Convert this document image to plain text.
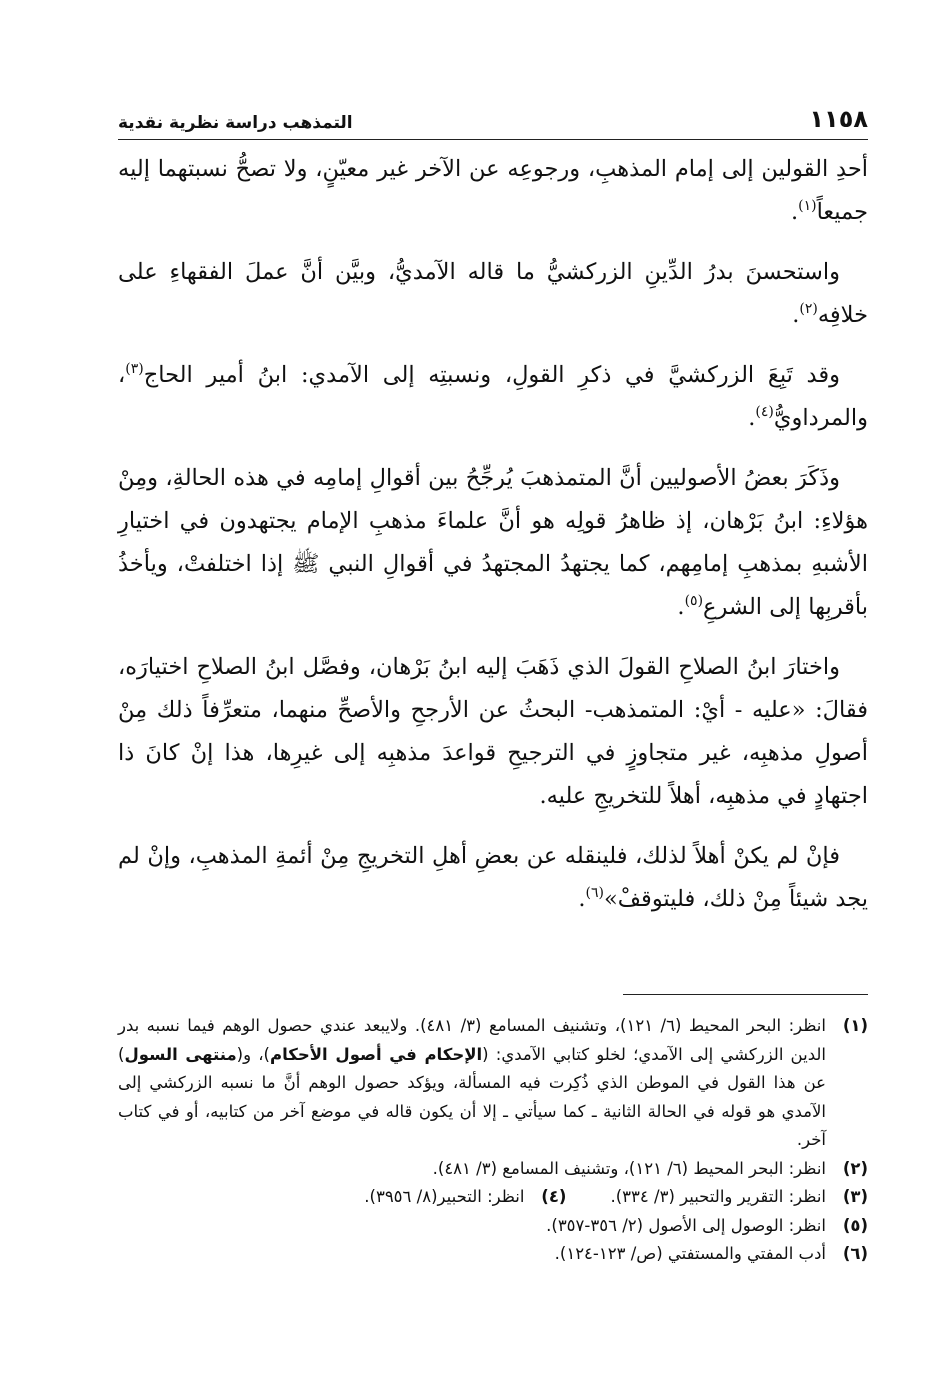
١١٥٨
التمذهب دراسة نظرية نقدية

أحدِ القولين إلى إمام المذهبِ، ورجوعِه عن الآخر غير معيّنٍ، ولا تصحُّ نسبتهما إليه جميعاً$^{(١)}$.

واستحسنَ بدرُ الدِّينِ الزركشيُّ ما قاله الآمديُّ، وبيَّن أنَّ عملَ الفقهاءِ على خلافِه$^{(٢)}$.

وقد تَبِعَ الزركشيَّ في ذكرِ القولِ، ونسبتِه إلى الآمدي: ابنُ أمير الحاج$^{(٣)}$، والمرداويُّ$^{(٤)}$.

وذَكَرَ بعضُ الأصوليين أنَّ المتمذهبَ يُرجِّحُ بين أقوالِ إمامِه في هذه الحالةِ، ومِنْ هؤلاءِ: ابنُ بَرْهان، إذ ظاهرُ قولِه هو أنَّ علماءَ مذهبِ الإمام يجتهدون في اختيارِ الأشبهِ بمذهبِ إمامِهم، كما يجتهدُ المجتهدُ في أقوالِ النبي ﷺ إذا اختلفتْ، ويأخذُ بأقربِها إلى الشرعِ$^{(٥)}$.

واختارَ ابنُ الصلاحِ القولَ الذي ذَهَبَ إليه ابنُ بَرْهان، وفصَّل ابنُ الصلاحِ اختيارَه، فقالَ: «عليه - أيْ: المتمذهب- البحثُ عن الأرجحِ والأصحِّ منهما، متعرِّفاً ذلك مِنْ أصولِ مذهبِه، غير متجاوزٍ في الترجيحِ قواعدَ مذهبِه إلى غيرِها، هذا إنْ كانَ ذا اجتهادٍ في مذهبِه، أهلاً للتخريجِ عليه.

فإنْ لم يكنْ أهلاً لذلك، فلينقله عن بعضِ أهلِ التخريجِ مِنْ أئمةِ المذهبِ، وإنْ لم يجد شيئاً مِنْ ذلك، فليتوقفْ»$^{(٦)}$.

(١)
انظر: البحر المحيط (٦/ ١٢١)، وتشنيف المسامع (٣/ ٤٨١). ولايبعد عندي حصول الوهم فيما نسبه بدر الدين الزركشي إلى الآمدي؛ لخلو كتابي الآمدي: (الإحكام في أصول الأحكام)، و(منتهى السول) عن هذا القول في الموطن الذي ذُكِرت فيه المسألة، ويؤكد حصول الوهم أنَّ ما نسبه الزركشي إلى الآمدي هو قوله في الحالة الثانية ـ كما سيأتي ـ إلا أن يكون قاله في موضع آخر من كتابيه، أو في كتاب آخر.
(٢)
انظر: البحر المحيط (٦/ ١٢١)، وتشنيف المسامع (٣/ ٤٨١).
(٣)
انظر: التقرير والتحبير (٣/ ٣٣٤).
(٤)
انظر: التحبير(٨/ ٣٩٥٦).
(٥)
انظر: الوصول إلى الأصول (٢/ ٣٥٦-٣٥٧).
(٦)
أدب المفتي والمستفتي (ص/ ١٢٣-١٢٤).
